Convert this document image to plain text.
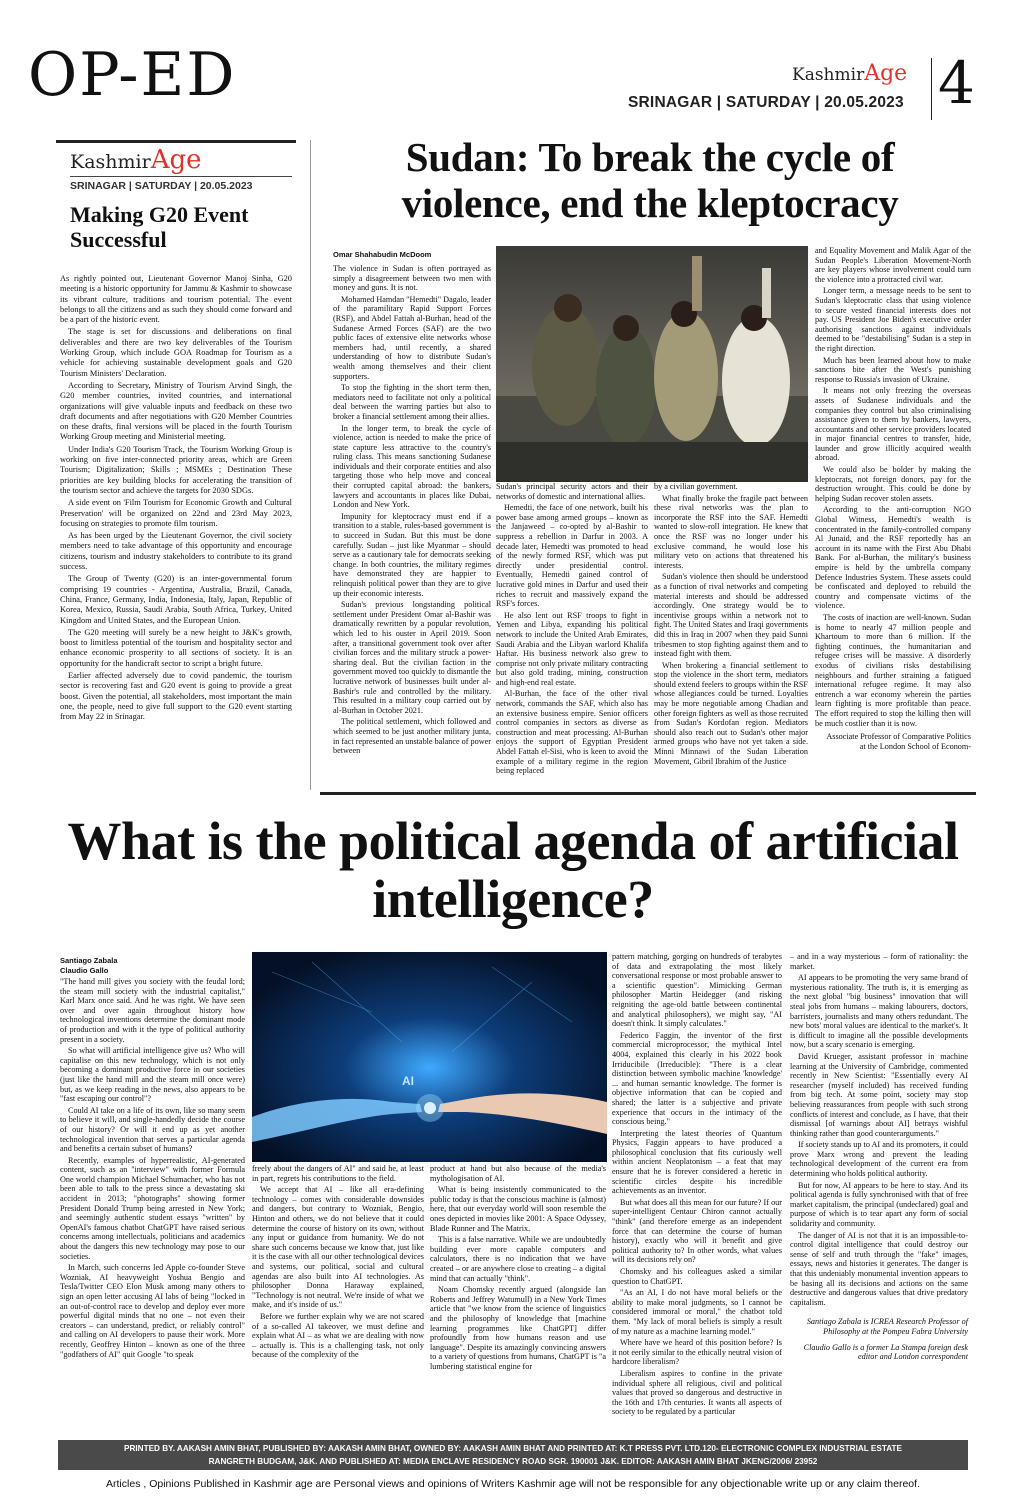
OP-ED	KashmirAge
SRINAGAR | SATURDAY | 20.05.2023 4
KashmirAge
SRINAGAR | SATURDAY | 20.05.2023
Making G20 Event Successful

As rightly pointed out, Lieutenant Governor Manoj Sinha, G20 meeting is a historic opportunity for Jammu & Kashmir to showcase its vibrant culture, traditions and tourism potential. The event belongs to all the citizens and as such they should come forward and be a part of the historic event.

The stage is set for discussions and deliberations on final deliverables and there are two key deliverables of the Tourism Working Group, which include GOA Roadmap for Tourism as a vehicle for achieving sustainable development goals and G20 Tourism Ministers' Declaration.

According to Secretary, Ministry of Tourism Arvind Singh, the G20 member countries, invited countries, and international organizations will give valuable inputs and feedback on these two draft documents and after negotiations with G20 Member Countries on these drafts, final versions will be placed in the fourth Tourism Working Group meeting and Ministerial meeting.

Under India's G20 Tourism Track, the Tourism Working Group is working on five inter-connected priority areas, which are Green Tourism; Digitalization; Skills ; MSMEs ; Destination These priorities are key building blocks for accelerating the transition of the tourism sector and achieve the targets for 2030 SDGs.

A side event on 'Film Tourism for Economic Growth and Cultural Preservation' will be organized on 22nd and 23rd May 2023, focusing on strategies to promote film tourism.

As has been urged by the Lieutenant Governor, the civil society members need to take advantage of this opportunity and encourage citizens, tourism and industry stakeholders to contribute to its grand success.

The Group of Twenty (G20) is an inter-governmental forum comprising 19 countries - Argentina, Australia, Brazil, Canada, China, France, Germany, India, Indonesia, Italy, Japan, Republic of Korea, Mexico, Russia, Saudi Arabia, South Africa, Turkey, United Kingdom and United States, and the European Union.

The G20 meeting will surely be a new height to J&K's growth, boost to limitless potential of the tourism and hospitality sector and enhance economic prosperity to all sections of society. It is an opportunity for the handicraft sector to script a bright future.

Earlier affected adversely due to covid pandemic, the tourism sector is recovering fast and G20 event is going to provide a great boost. Given the potential, all stakeholders, most important the main one, the people, need to give full support to the G20 event starting from May 22 in Srinagar.

Sudan: To break the cycle of violence, end the kleptocracy
Omar Shahabudin McDoom

The violence in Sudan is often portrayed as simply a disagreement between two men with money and guns. It is not.

Mohamed Hamdan "Hemedti" Dagalo, leader of the paramilitary Rapid Support Forces (RSF), and Abdel Fattah al-Burhan, head of the Sudanese Armed Forces (SAF) are the two public faces of extensive elite networks whose members had, until recently, a shared understanding of how to distribute Sudan's wealth among themselves and their client supporters.

To stop the fighting in the short term then, mediators need to facilitate not only a political deal between the warring parties but also to broker a financial settlement among their allies.

In the longer term, to break the cycle of violence, action is needed to make the price of state capture less attractive to the country's ruling class. This means sanctioning Sudanese individuals and their corporate entities and also targeting those who help move and conceal their corrupted capital abroad: the bankers, lawyers and accountants in places like Dubai, London and New York.

Impunity for kleptocracy must end if a transition to a stable, rules-based government is to succeed in Sudan. But this must be done carefully. Sudan – just like Myanmar – should serve as a cautionary tale for democrats seeking change. In both countries, the military regimes have demonstrated they are happier to relinquish political power than they are to give up their economic interests.

Sudan's previous longstanding political settlement under President Omar al-Bashir was dramatically rewritten by a popular revolution, which led to his ouster in April 2019. Soon after, a transitional government took over after civilian forces and the military struck a power-sharing deal. But the civilian faction in the government moved too quickly to dismantle the lucrative network of businesses built under al-Bashir's rule and controlled by the military. This resulted in a military coup carried out by al-Burhan in October 2021.

The political settlement, which followed and which seemed to be just another military junta, in fact represented an unstable balance of power between

Sudan's principal security actors and their networks of domestic and international allies.

Hemedti, the face of one network, built his power base among armed groups – known as the Janjaweed – co-opted by al-Bashir to suppress a rebellion in Darfur in 2003. A decade later, Hemedti was promoted to head of the newly formed RSF, which was put directly under presidential control. Eventually, Hemedti gained control of lucrative gold mines in Darfur and used their riches to recruit and massively expand the RSF's forces.

He also lent out RSF troops to fight in Yemen and Libya, expanding his political network to include the United Arab Emirates, Saudi Arabia and the Libyan warlord Khalifa Haftar. His business network also grew to comprise not only private military contracting but also gold trading, mining, construction and high-end real estate.

Al-Burhan, the face of the other rival network, commands the SAF, which also has an extensive business empire. Senior officers control companies in sectors as diverse as construction and meat processing. Al-Burhan enjoys the support of Egyptian President Abdel Fattah el-Sisi, who is keen to avoid the example of a military regime in the region being replaced

by a civilian government.

What finally broke the fragile pact between these rival networks was the plan to incorporate the RSF into the SAF. Hemedti wanted to slow-roll integration. He knew that once the RSF was no longer under his exclusive command, he would lose his military veto on actions that threatened his interests.

Sudan's violence then should be understood as a function of rival networks and competing material interests and should be addressed accordingly. One strategy would be to incentivise groups within a network not to fight. The United States and Iraqi governments did this in Iraq in 2007 when they paid Sunni tribesmen to stop fighting against them and to instead fight with them.

When brokering a financial settlement to stop the violence in the short term, mediators should extend feelers to groups within the RSF whose allegiances could be turned. Loyalties may be more negotiable among Chadian and other foreign fighters as well as those recruited from Sudan's Kordofan region. Mediators should also reach out to Sudan's other major armed groups who have not yet taken a side. Minni Minnawi of the Sudan Liberation Movement, Gibril Ibrahim of the Justice

and Equality Movement and Malik Agar of the Sudan People's Liberation Movement-North are key players whose involvement could turn the violence into a protracted civil war.

Longer term, a message needs to be sent to Sudan's kleptocratic class that using violence to secure vested financial interests does not pay. US President Joe Biden's executive order authorising sanctions against individuals deemed to be "destabilising" Sudan is a step in the right direction.

Much has been learned about how to make sanctions bite after the West's punishing response to Russia's invasion of Ukraine.

It means not only freezing the overseas assets of Sudanese individuals and the companies they control but also criminalising assistance given to them by bankers, lawyers, accountants and other service providers located in major financial centres to transfer, hide, launder and grow illicitly acquired wealth abroad.

We could also be bolder by making the kleptocrats, not foreign donors, pay for the destruction wrought. This could be done by helping Sudan recover stolen assets.

According to the anti-corruption NGO Global Witness, Hemedti's wealth is concentrated in the family-controlled company Al Junaid, and the RSF reportedly has an account in its name with the First Abu Dhabi Bank. For al-Burhan, the military's business empire is held by the umbrella company Defence Industries System. These assets could be confiscated and deployed to rebuild the country and compensate victims of the violence.

The costs of inaction are well-known. Sudan is home to nearly 47 million people and Khartoum to more than 6 million. If the fighting continues, the humanitarian and refugee crises will be massive. A disorderly exodus of civilians risks destabilising neighbours and further straining a fatigued international refugee regime. It may also entrench a war economy wherein the parties learn fighting is more profitable than peace. The effort required to stop the killing then will be much costlier than it is now.

Associate Professor of Comparative Politics at the London School of Econom-

What is the political agenda of artificial intelligence?
Santiago Zabala
Claudio Gallo

"The hand mill gives you society with the feudal lord; the steam mill society with the industrial capitalist," Karl Marx once said. And he was right. We have seen over and over again throughout history how technological inventions determine the dominant mode of production and with it the type of political authority present in a society.

So what will artificial intelligence give us? Who will capitalise on this new technology, which is not only becoming a dominant productive force in our societies (just like the hand mill and the steam mill once were) but, as we keep reading in the news, also appears to be "fast escaping our control"?

Could AI take on a life of its own, like so many seem to believe it will, and single-handedly decide the course of our history? Or will it end up as yet another technological invention that serves a particular agenda and benefits a certain subset of humans?

Recently, examples of hyperrealistic, AI-generated content, such as an "interview" with former Formula One world champion Michael Schumacher, who has not been able to talk to the press since a devastating ski accident in 2013; "photographs" showing former President Donald Trump being arrested in New York; and seemingly authentic student essays "written" by OpenAI's famous chatbot ChatGPT have raised serious concerns among intellectuals, politicians and academics about the dangers this new technology may pose to our societies.

In March, such concerns led Apple co-founder Steve Wozniak, AI heavyweight Yoshua Bengio and Tesla/Twitter CEO Elon Musk among many others to sign an open letter accusing AI labs of being "locked in an out-of-control race to develop and deploy ever more powerful digital minds that no one – not even their creators – can understand, predict, or reliably control" and calling on AI developers to pause their work. More recently, Geoffrey Hinton – known as one of the three "godfathers of AI" quit Google "to speak

AI

freely about the dangers of AI" and said he, at least in part, regrets his contributions to the field.

We accept that AI – like all era-defining technology – comes with considerable downsides and dangers, but contrary to Wozniak, Bengio, Hinton and others, we do not believe that it could determine the course of history on its own, without any input or guidance from humanity. We do not share such concerns because we know that, just like it is the case with all our other technological devices and systems, our political, social and cultural agendas are also built into AI technologies. As philosopher Donna Haraway explained, "Technology is not neutral. We're inside of what we make, and it's inside of us."

Before we further explain why we are not scared of a so-called AI takeover, we must define and explain what AI – as what we are dealing with now – actually is. This is a challenging task, not only because of the complexity of the

product at hand but also because of the media's mythologisation of AI.

What is being insistently communicated to the public today is that the conscious machine is (almost) here, that our everyday world will soon resemble the ones depicted in movies like 2001: A Space Odyssey, Blade Runner and The Matrix.

This is a false narrative. While we are undoubtedly building ever more capable computers and calculators, there is no indication that we have created – or are anywhere close to creating – a digital mind that can actually "think".

Noam Chomsky recently argued (alongside Ian Roberts and Jeffrey Watumull) in a New York Times article that "we know from the science of linguistics and the philosophy of knowledge that [machine learning programmes like ChatGPT] differ profoundly from how humans reason and use language". Despite its amazingly convincing answers to a variety of questions from humans, ChatGPT is "a lumbering statistical engine for

pattern matching, gorging on hundreds of terabytes of data and extrapolating the most likely conversational response or most probable answer to a scientific question". Mimicking German philosopher Martin Heidegger (and risking reigniting the age-old battle between continental and analytical philosophers), we might say, "AI doesn't think. It simply calculates."

Federico Faggin, the inventor of the first commercial microprocessor, the mythical Intel 4004, explained this clearly in his 2022 book Irriducibile (Irreducible): "There is a clear distinction between symbolic machine 'knowledge' ... and human semantic knowledge. The former is objective information that can be copied and shared; the latter is a subjective and private experience that occurs in the intimacy of the conscious being."

Interpreting the latest theories of Quantum Physics, Faggin appears to have produced a philosophical conclusion that fits curiously well within ancient Neoplatonism – a feat that may ensure that he is forever considered a heretic in scientific circles despite his incredible achievements as an inventor.

But what does all this mean for our future? If our super-intelligent Centaur Chiron cannot actually "think" (and therefore emerge as an independent force that can determine the course of human history), exactly who will it benefit and give political authority to? In other words, what values will its decisions rely on?

Chomsky and his colleagues asked a similar question to ChatGPT.

"As an AI, I do not have moral beliefs or the ability to make moral judgments, so I cannot be considered immoral or moral," the chatbot told them. "My lack of moral beliefs is simply a result of my nature as a machine learning model."

Where have we heard of this position before? Is it not eerily similar to the ethically neutral vision of hardcore liberalism?

Liberalism aspires to confine in the private individual sphere all religious, civil and political values that proved so dangerous and destructive in the 16th and 17th centuries. It wants all aspects of society to be regulated by a particular

– and in a way mysterious – form of rationality: the market.

AI appears to be promoting the very same brand of mysterious rationality. The truth is, it is emerging as the next global "big business" innovation that will steal jobs from humans – making labourers, doctors, barristers, journalists and many others redundant. The new bots' moral values are identical to the market's. It is difficult to imagine all the possible developments now, but a scary scenario is emerging.

David Krueger, assistant professor in machine learning at the University of Cambridge, commented recently in New Scientist: "Essentially every AI researcher (myself included) has received funding from big tech. At some point, society may stop believing reassurances from people with such strong conflicts of interest and conclude, as I have, that their dismissal [of warnings about AI] betrays wishful thinking rather than good counterarguments."

If society stands up to AI and its promoters, it could prove Marx wrong and prevent the leading technological development of the current era from determining who holds political authority.

But for now, AI appears to be here to stay. And its political agenda is fully synchronised with that of free market capitalism, the principal (undeclared) goal and purpose of which is to tear apart any form of social solidarity and community.

The danger of AI is not that it is an impossible-to-control digital intelligence that could destroy our sense of self and truth through the "fake" images, essays, news and histories it generates. The danger is that this undeniably monumental invention appears to be basing all its decisions and actions on the same destructive and dangerous values that drive predatory capitalism.

Santiago Zabala is ICREA Research Professor of Philosophy at the Pompeu Fabra University

Claudio Gallo is a former La Stampa foreign desk editor and London correspondent

PRINTED BY. AAKASH AMIN BHAT, PUBLISHED BY: AAKASH AMIN BHAT, OWNED BY: AAKASH AMIN BHAT AND PRINTED AT: K.T PRESS PVT. LTD.120- ELECTRONIC COMPLEX INDUSTRIAL ESTATE
RANGRETH BUDGAM, J&K. AND PUBLISHED AT: MEDIA ENCLAVE RESIDENCY ROAD SGR. 190001 J&K. EDITOR: AAKASH AMIN BHAT JKENG/2006/ 23952
Articles , Opinions Published in Kashmir age are Personal views and opinions of Writers Kashmir age will not be responsible for any objectionable write up or any claim thereof.
